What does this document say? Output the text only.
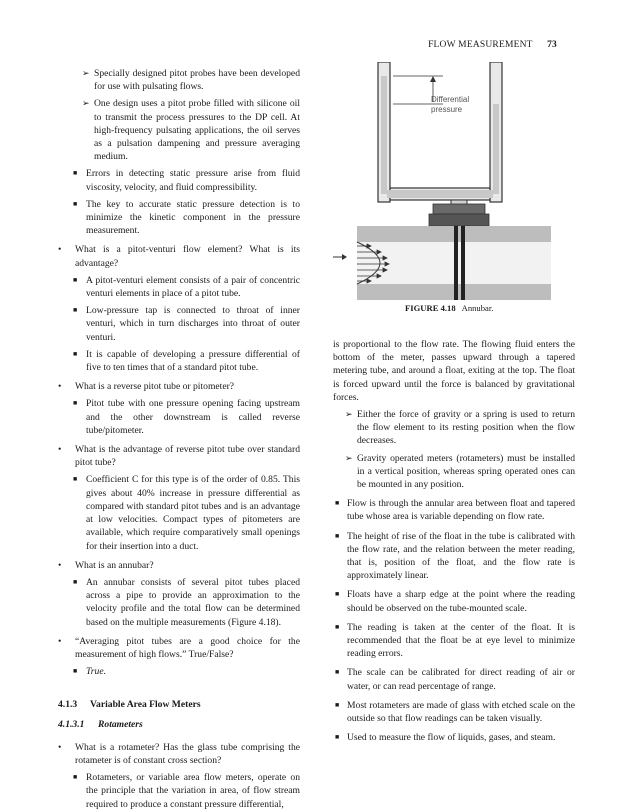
FLOW MEASUREMENT 73

➢ Specially designed pitot probes have been developed for use with pulsating flows.

➢ One design uses a pitot probe filled with silicone oil to transmit the process pressures to the DP cell. At high-frequency pulsating applications, the oil serves as a pulsation dampening and pressure averaging medium.

■ Errors in detecting static pressure arise from fluid viscosity, velocity, and fluid compressibility.

■ The key to accurate static pressure detection is to minimize the kinetic component in the pressure measurement.

• What is a pitot-venturi flow element? What is its advantage?

■ A pitot-venturi element consists of a pair of concentric venturi elements in place of a pitot tube.

■ Low-pressure tap is connected to throat of inner venturi, which in turn discharges into throat of outer venturi.

■ It is capable of developing a pressure differential of five to ten times that of a standard pitot tube.

• What is a reverse pitot tube or pitometer?

■ Pitot tube with one pressure opening facing upstream and the other downstream is called reverse tube/pitometer.

• What is the advantage of reverse pitot tube over standard pitot tube?

■ Coefficient C for this type is of the order of 0.85. This gives about 40% increase in pressure differential as compared with standard pitot tubes and is an advantage at low velocities. Compact types of pitometers are available, which require comparatively small openings for their insertion into a duct.

• What is an annubar?

■ An annubar consists of several pitot tubes placed across a pipe to provide an approximation to the velocity profile and the total flow can be determined based on the multiple measurements (Figure 4.18).

• “Averaging pitot tubes are a good choice for the measurement of high flows.” True/False?

■ True.

4.1.3 Variable Area Flow Meters
4.1.3.1 Rotameters

• What is a rotameter? Has the glass tube comprising the rotameter is of constant cross section?

■ Rotameters, or variable area flow meters, operate on the principle that the variation in area, of flow stream required to produce a constant pressure differential,

Differential
pressure
FIGURE 4.18 Annubar.

is proportional to the flow rate. The flowing fluid enters the bottom of the meter, passes upward through a tapered metering tube, and around a float, exiting at the top. The float is forced upward until the force is balanced by gravitational forces.

➢ Either the force of gravity or a spring is used to return the flow element to its resting position when the flow decreases.

➢ Gravity operated meters (rotameters) must be installed in a vertical position, whereas spring operated ones can be mounted in any position.

■ Flow is through the annular area between float and tapered tube whose area is variable depending on flow rate.

■ The height of rise of the float in the tube is calibrated with the flow rate, and the relation between the meter reading, that is, position of the float, and the flow rate is approximately linear.

■ Floats have a sharp edge at the point where the reading should be observed on the tube-mounted scale.

■ The reading is taken at the center of the float. It is recommended that the float be at eye level to minimize reading errors.

■ The scale can be calibrated for direct reading of air or water, or can read percentage of range.

■ Most rotameters are made of glass with etched scale on the outside so that flow readings can be taken visually.

■ Used to measure the flow of liquids, gases, and steam.
